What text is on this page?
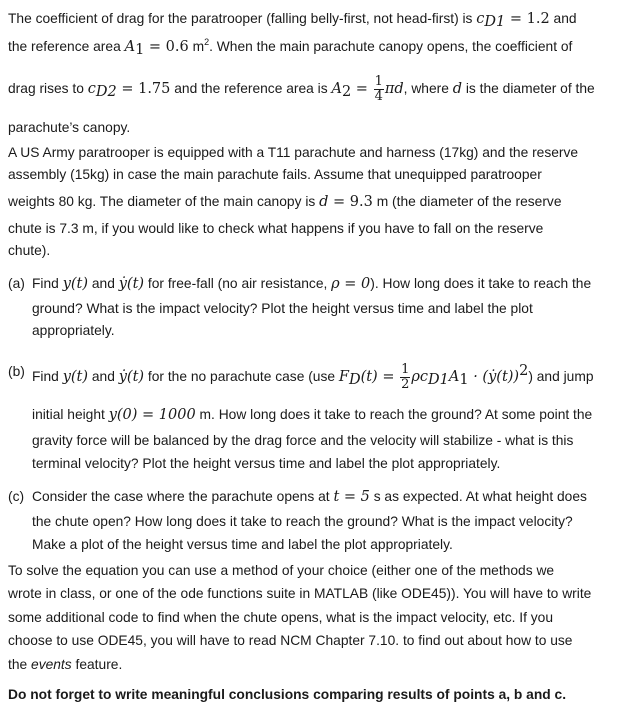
The coefficient of drag for the paratrooper (falling belly-first, not head-first) is $c_{D1} = 1.2$ and
the reference area $A_1 = 0.6$ $m^2$. When the main parachute canopy opens, the coefficient of
drag rises to $c_{D2} = 1.75$ and the reference area is $A_2 = \frac{1}{4} \pi d$, where d is the diameter of the
parachute’s canopy.
A US Army paratrooper is equipped with a T11 parachute and harness (17kg) and the reserve
assembly (15kg) in case the main parachute fails. Assume that unequipped paratrooper
weights 80 kg. The diameter of the main canopy is d = 9.3 m (the diameter of the reserve
chute is 7.3 m, if you would like to check what happens if you have to fall on the reserve
chute).
(a) Find y(t) and ẏ(t) for free-fall (no air resistance, ρ = 0). How long does it take to reach the
ground? What is the impact velocity? Plot the height versus time and label the plot
appropriately.
(b) Find y(t) and ẏ(t) for the no parachute case (use $F_D(t) = \frac{1}{2} \rho c_{D1}A_1$ · (ẏ(t))$^2$) and jump
initial height y(0) = 1000 m. How long does it take to reach the ground? At some point the
gravity force will be balanced by the drag force and the velocity will stabilize - what is this
terminal velocity? Plot the height versus time and label the plot appropriately.
(c) Consider the case where the parachute opens at t = 5 s as expected. At what height does
the chute open? How long does it take to reach the ground? What is the impact velocity?
Make a plot of the height versus time and label the plot appropriately.
To solve the equation you can use a method of your choice (either one of the methods we
wrote in class, or one of the ode functions suite in MATLAB (like ODE45)). You will have to write
some additional code to find when the chute opens, what is the impact velocity, etc. If you
choose to use ODE45, you will have to read NCM Chapter 7.10. to find out about how to use
the events feature.
Do not forget to write meaningful conclusions comparing results of points a, b and c.
